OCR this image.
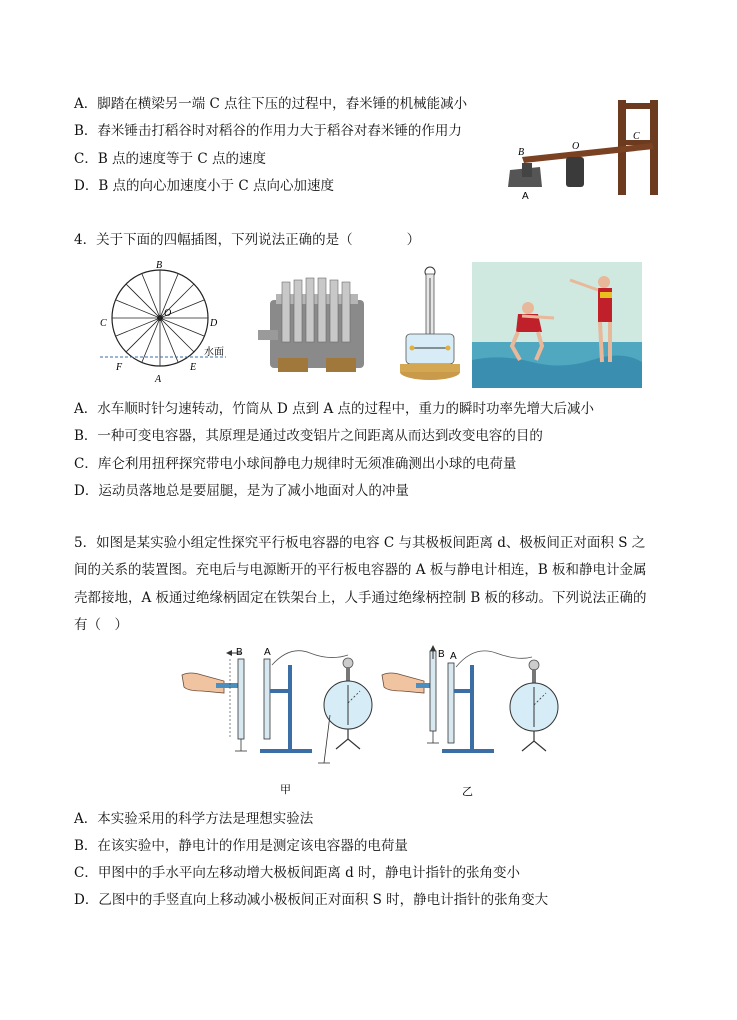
A．脚踏在横梁另一端 C 点往下压的过程中，舂米锤的机械能减小
B．舂米锤击打稻谷时对稻谷的作用力大于稻谷对舂米锤的作用力
C．B 点的速度等于 C 点的速度
D．B 点的向心加速度小于 C 点向心加速度
B
O
C
A
4．关于下面的四幅插图，下列说法正确的是（　　　　）
B
O
C	D
F	E
A
水面
A．水车顺时针匀速转动，竹筒从 D 点到 A 点的过程中，重力的瞬时功率先增大后减小
B．一种可变电容器，其原理是通过改变铝片之间距离从而达到改变电容的目的
C．库仑利用扭秤探究带电小球间静电力规律时无须准确测出小球的电荷量
D．运动员落地总是要屈腿，是为了减小地面对人的冲量
5．如图是某实验小组定性探究平行板电容器的电容 C 与其极板间距离 d、极板间正对面积 S 之
间的关系的装置图。充电后与电源断开的平行板电容器的 A 板与静电计相连，B 板和静电计金属
壳都接地，A 板通过绝缘柄固定在铁架台上，人手通过绝缘柄控制 B 板的移动。下列说法正确的
有（　）
B A
甲
B A
乙
A．本实验采用的科学方法是理想实验法
B．在该实验中，静电计的作用是测定该电容器的电荷量
C．甲图中的手水平向左移动增大极板间距离 d 时，静电计指针的张角变小
D．乙图中的手竖直向上移动减小极板间正对面积 S 时，静电计指针的张角变大
